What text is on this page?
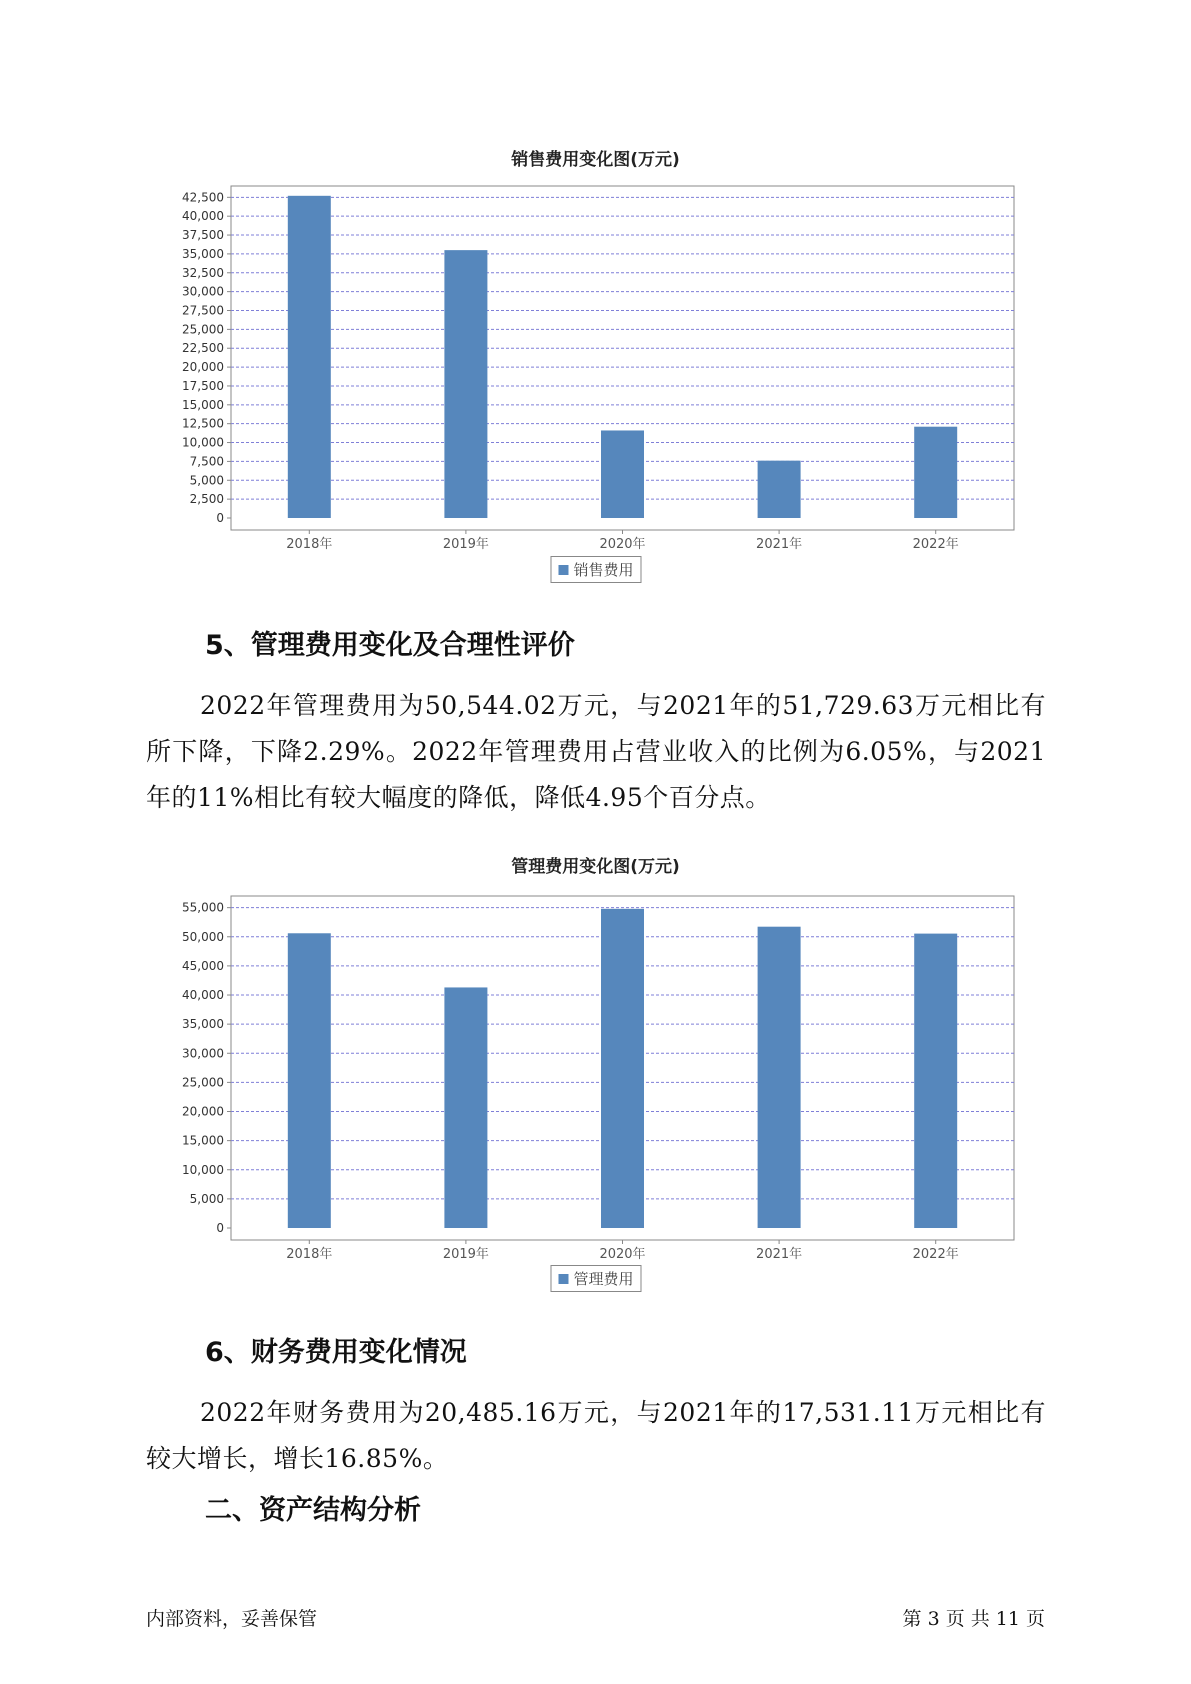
销售费用变化图(万元)
0
2,500
5,000
7,500
10,000
12,500
15,000
17,500
20,000
22,500
25,000
27,500
30,000
32,500
35,000
37,500
40,000
42,500
2018年	2019年	2020年	2021年	2022年
销售费用
5、管理费用变化及合理性评价

2022年管理费用为50,544.02万元，与2021年的51,729.63万元相比有所下降，下降2.29%。2022年管理费用占营业收入的比例为6.05%，与2021年的11%相比有较大幅度的降低，降低4.95个百分点。

管理费用变化图(万元)
0
5,000
10,000
15,000
20,000
25,000
30,000
35,000
40,000
45,000
50,000
55,000
2018年	2019年	2020年	2021年	2022年
管理费用
6、财务费用变化情况

2022年财务费用为20,485.16万元，与2021年的17,531.11万元相比有较大增长，增长16.85%。

二、资产结构分析
内部资料，妥善保管	第 3 页 共 11 页
